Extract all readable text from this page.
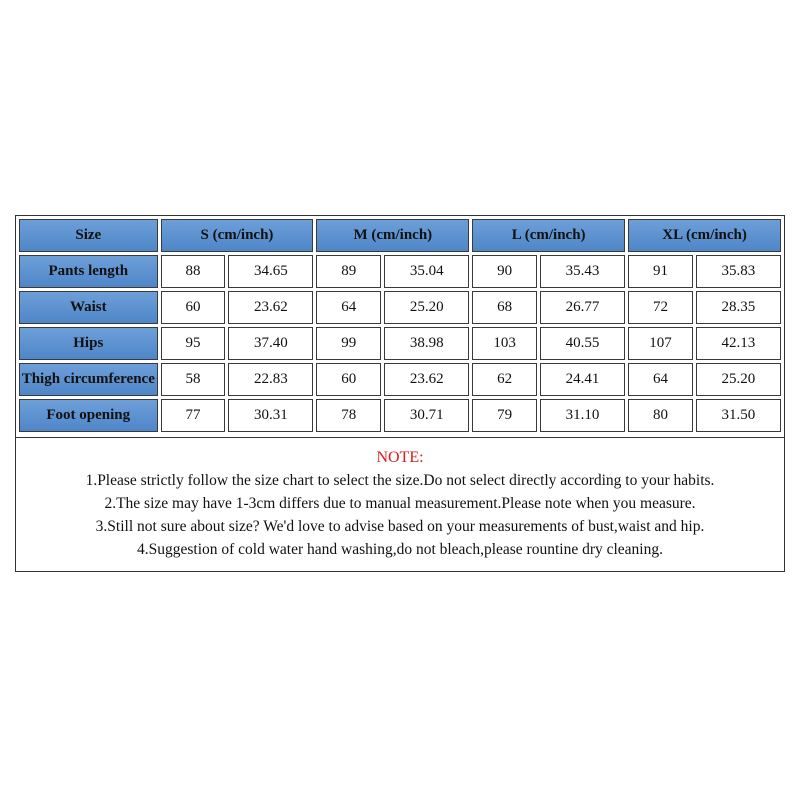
Size	S (cm/inch)		M (cm/inch)		L (cm/inch)		XL (cm/inch)	
Pants length	88	34.65	89	35.04	90	35.43	91	35.83
Waist	60	23.62	64	25.20	68	26.77	72	28.35
Hips	95	37.40	99	38.98	103	40.55	107	42.13
Thigh circumference	58	22.83	60	23.62	62	24.41	64	25.20
Foot opening	77	30.31	78	30.71	79	31.10	80	31.50
NOTE:
1.Please strictly follow the size chart to select the size.Do not select directly according to your habits.
2.The size may have 1-3cm differs due to manual measurement.Please note when you measure.
3.Still not sure about size? We'd love to advise based on your measurements of bust,waist and hip.
4.Suggestion of cold water hand washing,do not bleach,please rountine dry cleaning.
